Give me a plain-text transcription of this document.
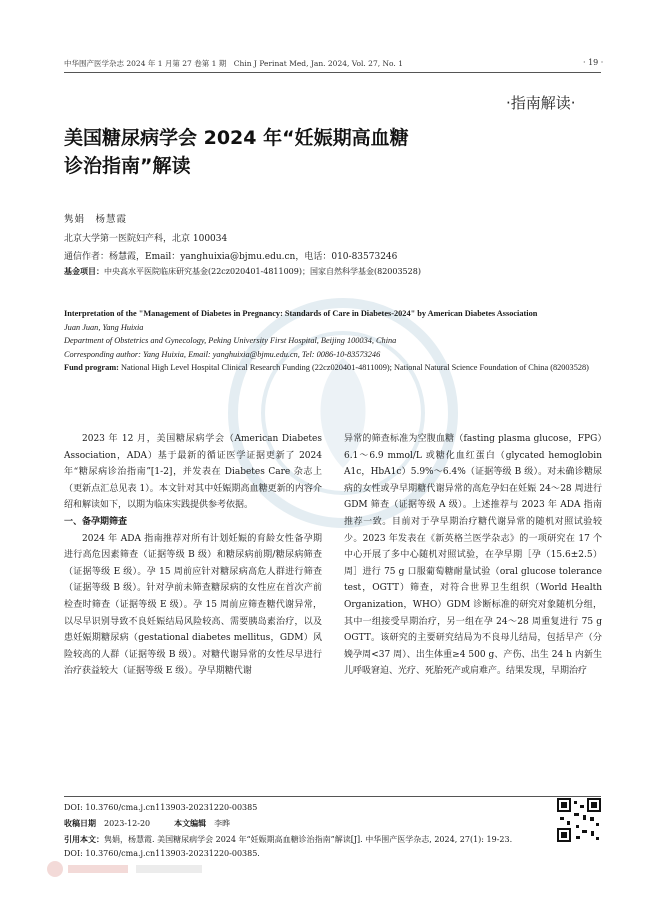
中华围产医学杂志 2024 年 1 月第 27 卷第 1 期　Chin J Perinat Med, Jan. 2024, Vol. 27, No. 1	· 19 ·
·指南解读·
美国糖尿病学会 2024 年“妊娠期高血糖
诊治指南”解读
隽娟　杨慧霞
北京大学第一医院妇产科，北京 100034
通信作者：杨慧霞，Email：yanghuixia@bjmu.edu.cn，电话：010-83573246
基金项目：中央高水平医院临床研究基金(22cz020401-4811009)；国家自然科学基金(82003528)
Interpretation of the "Management of Diabetes in Pregnancy: Standards of Care in Diabetes-2024" by American Diabetes Association
Juan Juan, Yang Huixia
Department of Obstetrics and Gynecology, Peking University First Hospital, Beijing 100034, China
Corresponding author: Yang Huixia, Email: yanghuixia@bjmu.edu.cn, Tel: 0086-10-83573246
Fund program: National High Level Hospital Clinical Research Funding (22cz020401-4811009); National Natural Science Foundation of China (82003528)

2023 年 12 月，美国糖尿病学会（American Diabetes Association，ADA）基于最新的循证医学证据更新了 2024 年“糖尿病诊治指南”[1-2]，并发表在 Diabetes Care 杂志上（更新点汇总见表 1）。本文针对其中妊娠期高血糖更新的内容介绍和解读如下，以期为临床实践提供参考依据。

一、备孕期筛查

2024 年 ADA 指南推荐对所有计划妊娠的育龄女性备孕期进行高危因素筛查（证据等级 B 级）和糖尿病前期/糖尿病筛查（证据等级 E 级）。孕 15 周前应针对糖尿病高危人群进行筛查（证据等级 B 级）。针对孕前未筛查糖尿病的女性应在首次产前检查时筛查（证据等级 E 级）。孕 15 周前应筛查糖代谢异常，以尽早识别导致不良妊娠结局风险较高、需要胰岛素治疗，以及患妊娠期糖尿病（gestational diabetes mellitus，GDM）风险较高的人群（证据等级 B 级）。对糖代谢异常的女性尽早进行治疗获益较大（证据等级 E 级）。孕早期糖代谢

异常的筛查标准为空腹血糖（fasting plasma glucose，FPG）6.1～6.9 mmol/L 或糖化血红蛋白（glycated hemoglobin A1c，HbA1c）5.9%～6.4%（证据等级 B 级）。对未确诊糖尿病的女性或孕早期糖代谢异常的高危孕妇在妊娠 24～28 周进行 GDM 筛查（证据等级 A 级）。上述推荐与 2023 年 ADA 指南推荐一致。目前对于孕早期治疗糖代谢异常的随机对照试验较少。2023 年发表在《新英格兰医学杂志》的一项研究在 17 个中心开展了多中心随机对照试验，在孕早期［孕（15.6±2.5）周］进行 75 g 口服葡萄糖耐量试验（oral glucose tolerance test，OGTT）筛查，对符合世界卫生组织（World Health Organization，WHO）GDM 诊断标准的研究对象随机分组，其中一组接受早期治疗，另一组在孕 24～28 周重复进行 75 g OGTT。该研究的主要研究结局为不良母儿结局，包括早产（分娩孕周<37 周）、出生体重≥4 500 g、产伤、出生 24 h 内新生儿呼吸窘迫、光疗、死胎死产或肩难产。结果发现，早期治疗

DOI: 10.3760/cma.j.cn113903-20231220-00385
收稿日期　 2023-12-20　　　	本文编辑　 李晔
引用本文：隽娟，杨慧霞. 美国糖尿病学会 2024 年“妊娠期高血糖诊治指南”解读[J]. 中华围产医学杂志, 2024, 27(1): 19-23. DOI: 10.3760/cma.j.cn113903-20231220-00385.
